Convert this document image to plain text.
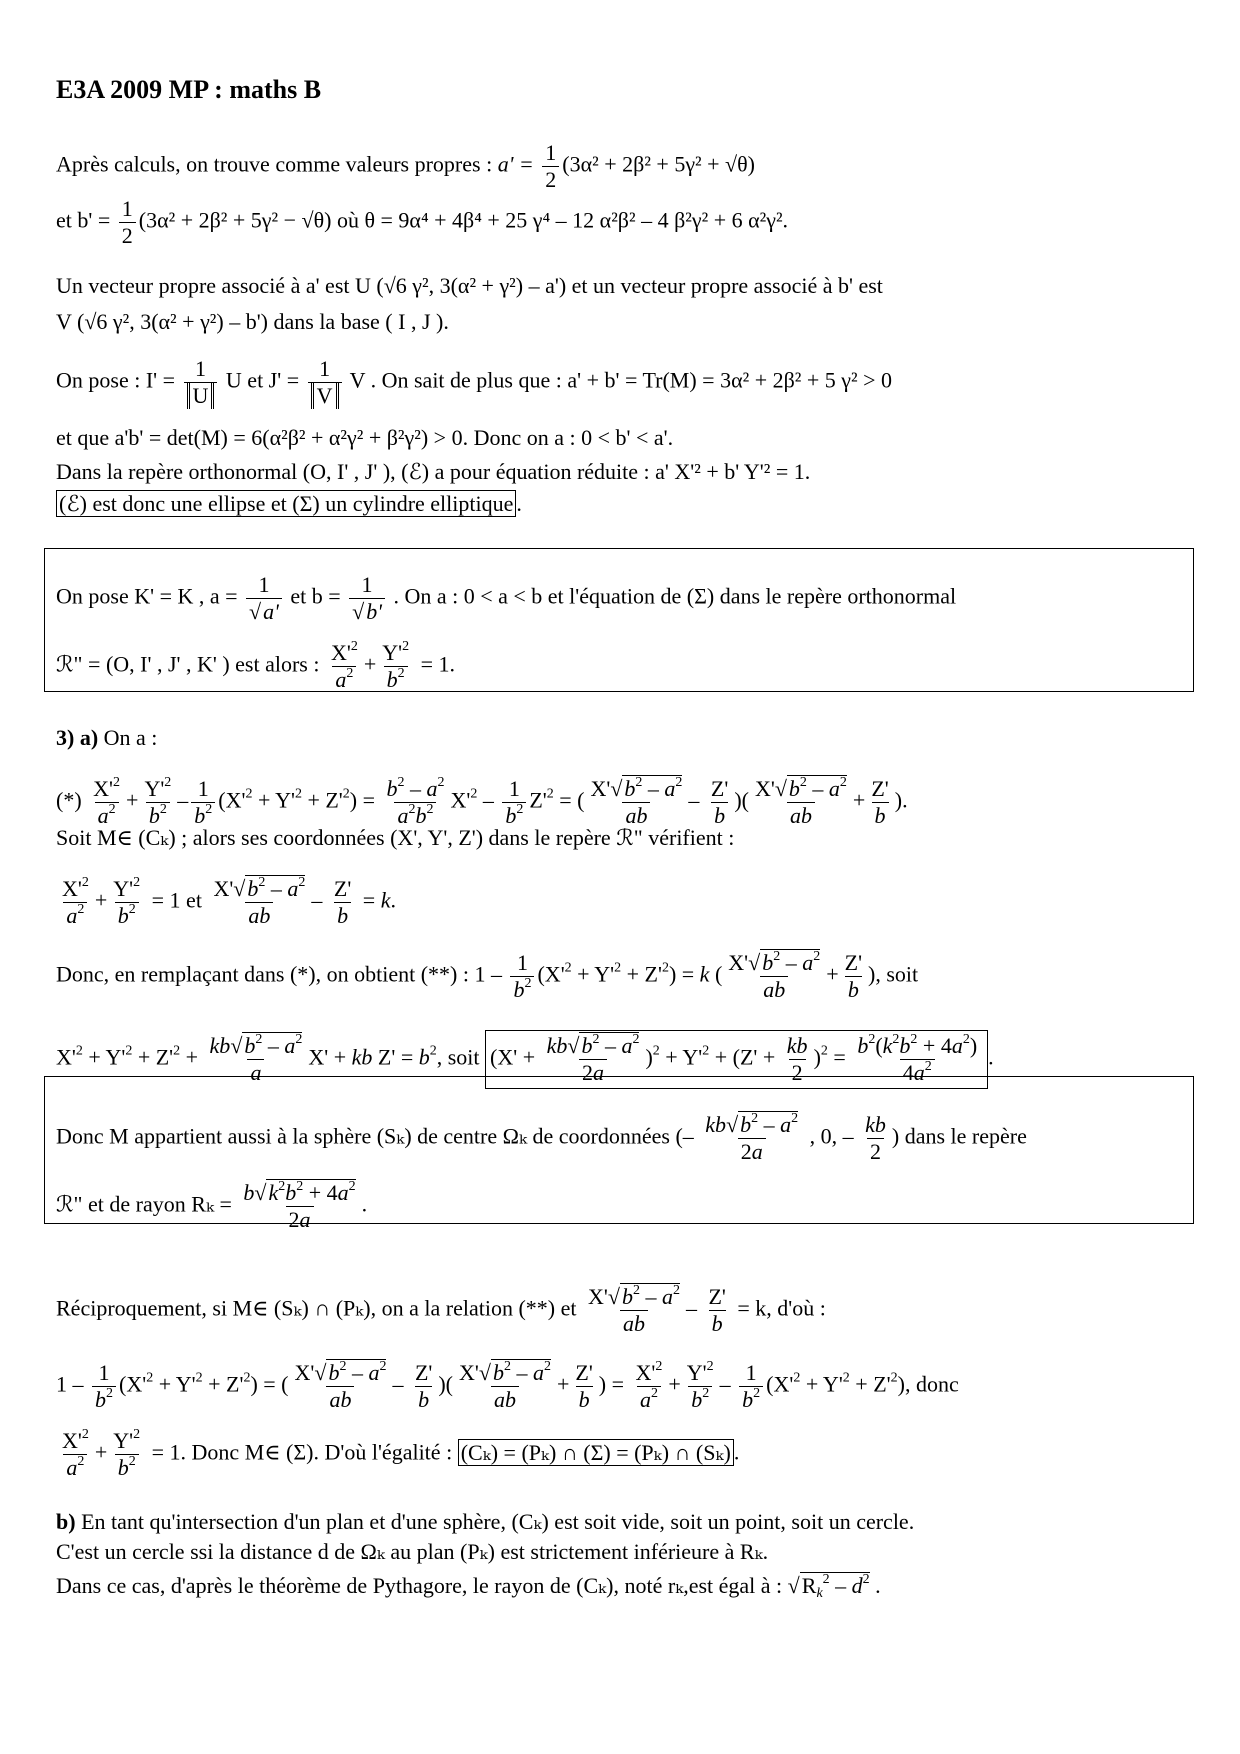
E3A 2009 MP : maths B
Après calculs, on trouve comme valeurs propres : $a' = \frac{1}{2} (3\alpha^2 + 2\beta^2 + 5\gamma^2 + √\theta)$
et $b' = \frac{1}{2} (3\alpha^2 + 2\beta^2 + 5\gamma^2 - √\theta)$ où θ = 9α⁴ + 4β⁴ + 25 γ⁴ – 12 α²β² – 4 β²γ² + 6 α²γ².
Un vecteur propre associé à a' est U (√6 γ², 3(α² + γ²) – a') et un vecteur propre associé à b' est
V (√6 γ², 3(α² + γ²) – b') dans la base ( I , J ).
On pose : $I' = \frac{1}{U}$ U et $J' = \frac{1}{V}$ V . On sait de plus que : a' + b' = Tr(M) = 3α² + 2β² + 5 γ² > 0
et que a'b' = det(M) = 6(α²β² + α²γ² + β²γ²) > 0. Donc on a : 0 < b' < a'.
Dans la repère orthonormal (O, I' , J' ), (ℰ) a pour équation réduite : a' X'² + b' Y'² = 1.
(ℰ) est donc une ellipse et (Σ) un cylindre elliptique .
On pose K' = K , $a = \frac{1}{√a'}$ et $b = \frac{1}{√b'}$ . On a : 0 < a < b et l'équation de (Σ) dans le repère orthonormal
ℛ" = (O, I' , J' , K' ) est alors : $\frac{X'^2}{a^2} + \frac{Y'^2}{b^2} = 1$.
3) a) On a :
(*) $\frac{X'^2}{a^2} + \frac{Y'^2}{b^2} - \frac{1}{b^2} (X'^2 + Y'^2 + Z'^2) = \frac{b^2 - a^2}{a^2b^2} X'^2 - \frac{1}{b^2} Z'^2$ = ( $\frac{X'√b^2 - a^2}{ab} - \frac{Z'}{b}$ )( $\frac{X'√b^2 - a^2}{ab} + \frac{Z'}{b}$ ).
Soit M∈ (Cₖ) ; alors ses coordonnées (X', Y', Z') dans le repère ℛ" vérifient :
$\frac{X'^2}{a^2} + \frac{Y'^2}{b^2} = 1$ et $\frac{X'√b^2 - a^2}{ab} - \frac{Z'}{b} = k$.
Donc, en remplaçant dans (*), on obtient (**) : $1 - \frac{1}{b^2} (X'^2 + Y'^2 + Z'^2) = k$ ( $\frac{X'√b^2 - a^2}{ab} + \frac{Z'}{b}$ ), soit
$X'^2 + Y'^2 + Z'^2 + \frac{kb√b^2 - a^2}{a} X'$ + kb $Z' = b^2$, soit $(X' + \frac{kb√b^2 - a^2}{2a} )^2 + Y'^2 + (Z' + \frac{kb}{2} )^2 = \frac{b^2(k^2b^2 + 4a^2)}{4a^2}$ .
Donc M appartient aussi à la sphère (Sₖ) de centre Ωₖ de coordonnées (– $\frac{kb√b^2 - a^2}{2a}$ , 0, – $\frac{kb}{2}$ ) dans le repère
ℛ" et de rayon $R_k = \frac{b√k^2b^2 + 4a^2}{2a}$ .
Réciproquement, si M∈ (Sₖ) ∩ (Pₖ), on a la relation (**) et $\frac{X'√b^2 - a^2}{ab} - \frac{Z'}{b} = k$, d'où :
$1 - \frac{1}{b^2} (X'^2 + Y'^2 + Z'^2)$ = ( $\frac{X'√b^2 - a^2}{ab} - \frac{Z'}{b}$ )( $\frac{X'√b^2 - a^2}{ab} + \frac{Z'}{b}$ ) = $\frac{X'^2}{a^2} + \frac{Y'^2}{b^2} - \frac{1}{b^2} (X'^2 + Y'^2 + Z'^2)$, donc
$\frac{X'^2}{a^2} + \frac{Y'^2}{b^2} = 1$. Donc M∈ (Σ). D'où l'égalité : (Cₖ) = (Pₖ) ∩ (Σ) = (Pₖ) ∩ (Sₖ) .
b) En tant qu'intersection d'un plan et d'une sphère, (Cₖ) est soit vide, soit un point, soit un cercle.
C'est un cercle ssi la distance d de Ωₖ au plan (Pₖ) est strictement inférieure à Rₖ.
Dans ce cas, d'après le théorème de Pythagore, le rayon de (Cₖ), noté rₖ,est égal à : $√R_k^2 - d^2$ .
